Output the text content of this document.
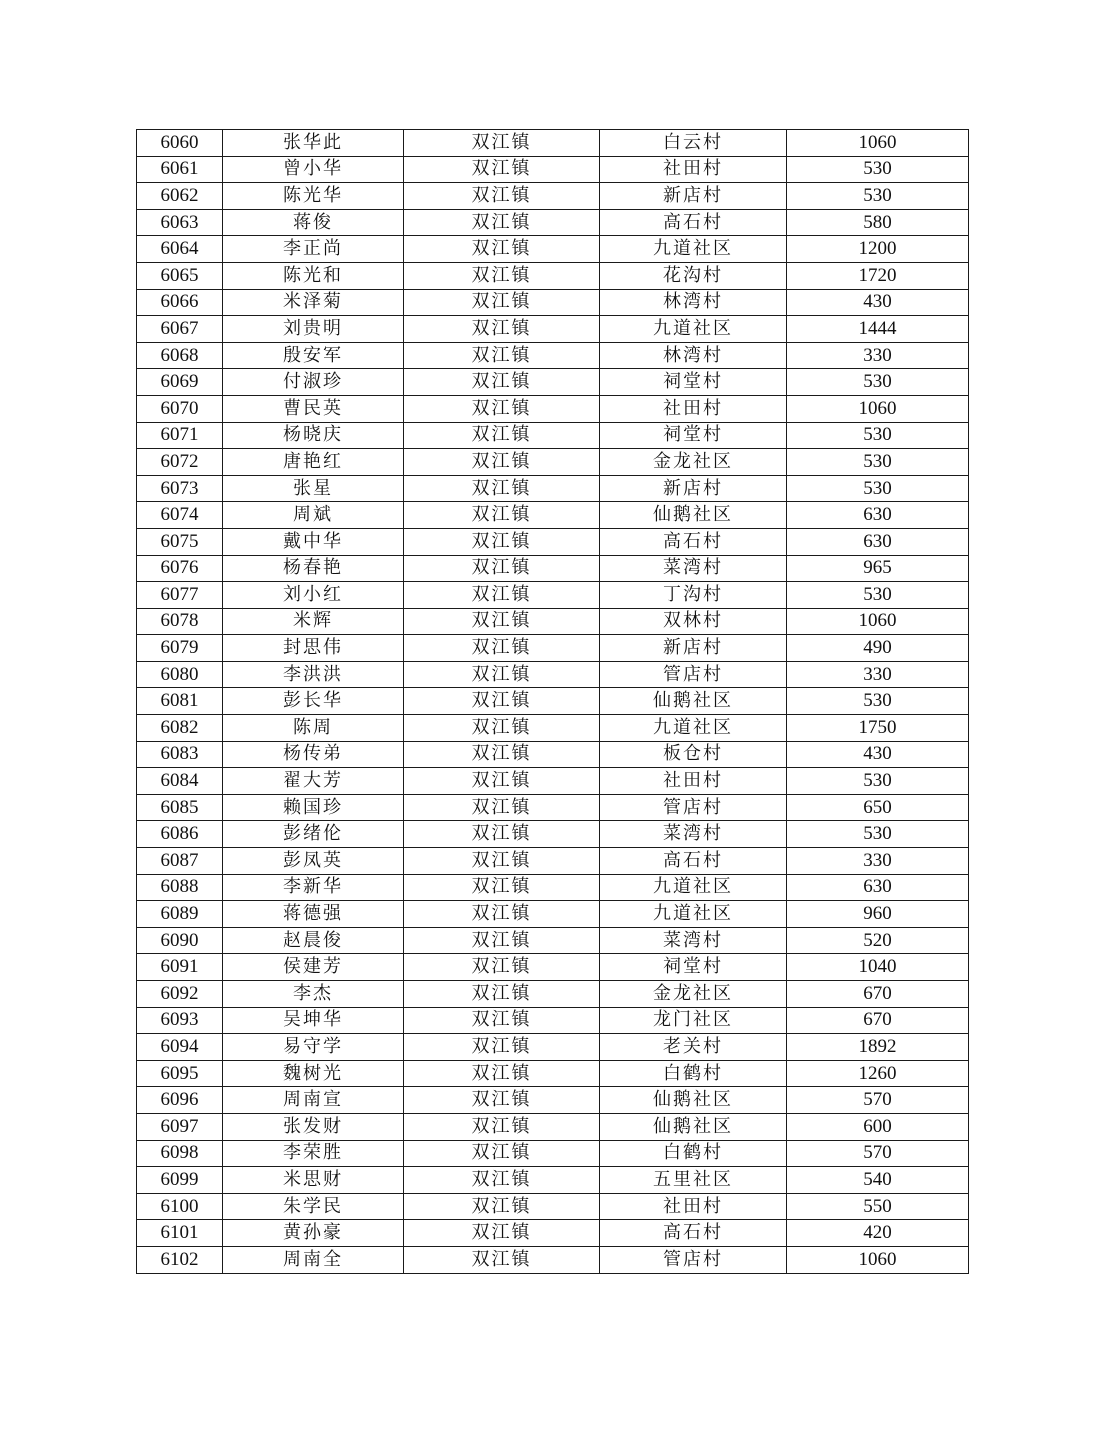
6060	张华此	双江镇	白云村	1060
6061	曾小华	双江镇	社田村	530
6062	陈光华	双江镇	新店村	530
6063	蒋俊	双江镇	高石村	580
6064	李正尚	双江镇	九道社区	1200
6065	陈光和	双江镇	花沟村	1720
6066	米泽菊	双江镇	林湾村	430
6067	刘贵明	双江镇	九道社区	1444
6068	殷安军	双江镇	林湾村	330
6069	付淑珍	双江镇	祠堂村	530
6070	曹民英	双江镇	社田村	1060
6071	杨晓庆	双江镇	祠堂村	530
6072	唐艳红	双江镇	金龙社区	530
6073	张星	双江镇	新店村	530
6074	周斌	双江镇	仙鹅社区	630
6075	戴中华	双江镇	高石村	630
6076	杨春艳	双江镇	菜湾村	965
6077	刘小红	双江镇	丁沟村	530
6078	米辉	双江镇	双林村	1060
6079	封思伟	双江镇	新店村	490
6080	李洪洪	双江镇	管店村	330
6081	彭长华	双江镇	仙鹅社区	530
6082	陈周	双江镇	九道社区	1750
6083	杨传弟	双江镇	板仓村	430
6084	翟大芳	双江镇	社田村	530
6085	赖国珍	双江镇	管店村	650
6086	彭绪伦	双江镇	菜湾村	530
6087	彭凤英	双江镇	高石村	330
6088	李新华	双江镇	九道社区	630
6089	蒋德强	双江镇	九道社区	960
6090	赵晨俊	双江镇	菜湾村	520
6091	侯建芳	双江镇	祠堂村	1040
6092	李杰	双江镇	金龙社区	670
6093	吴坤华	双江镇	龙门社区	670
6094	易守学	双江镇	老关村	1892
6095	魏树光	双江镇	白鹤村	1260
6096	周南宣	双江镇	仙鹅社区	570
6097	张发财	双江镇	仙鹅社区	600
6098	李荣胜	双江镇	白鹤村	570
6099	米思财	双江镇	五里社区	540
6100	朱学民	双江镇	社田村	550
6101	黄孙豪	双江镇	高石村	420
6102	周南全	双江镇	管店村	1060
